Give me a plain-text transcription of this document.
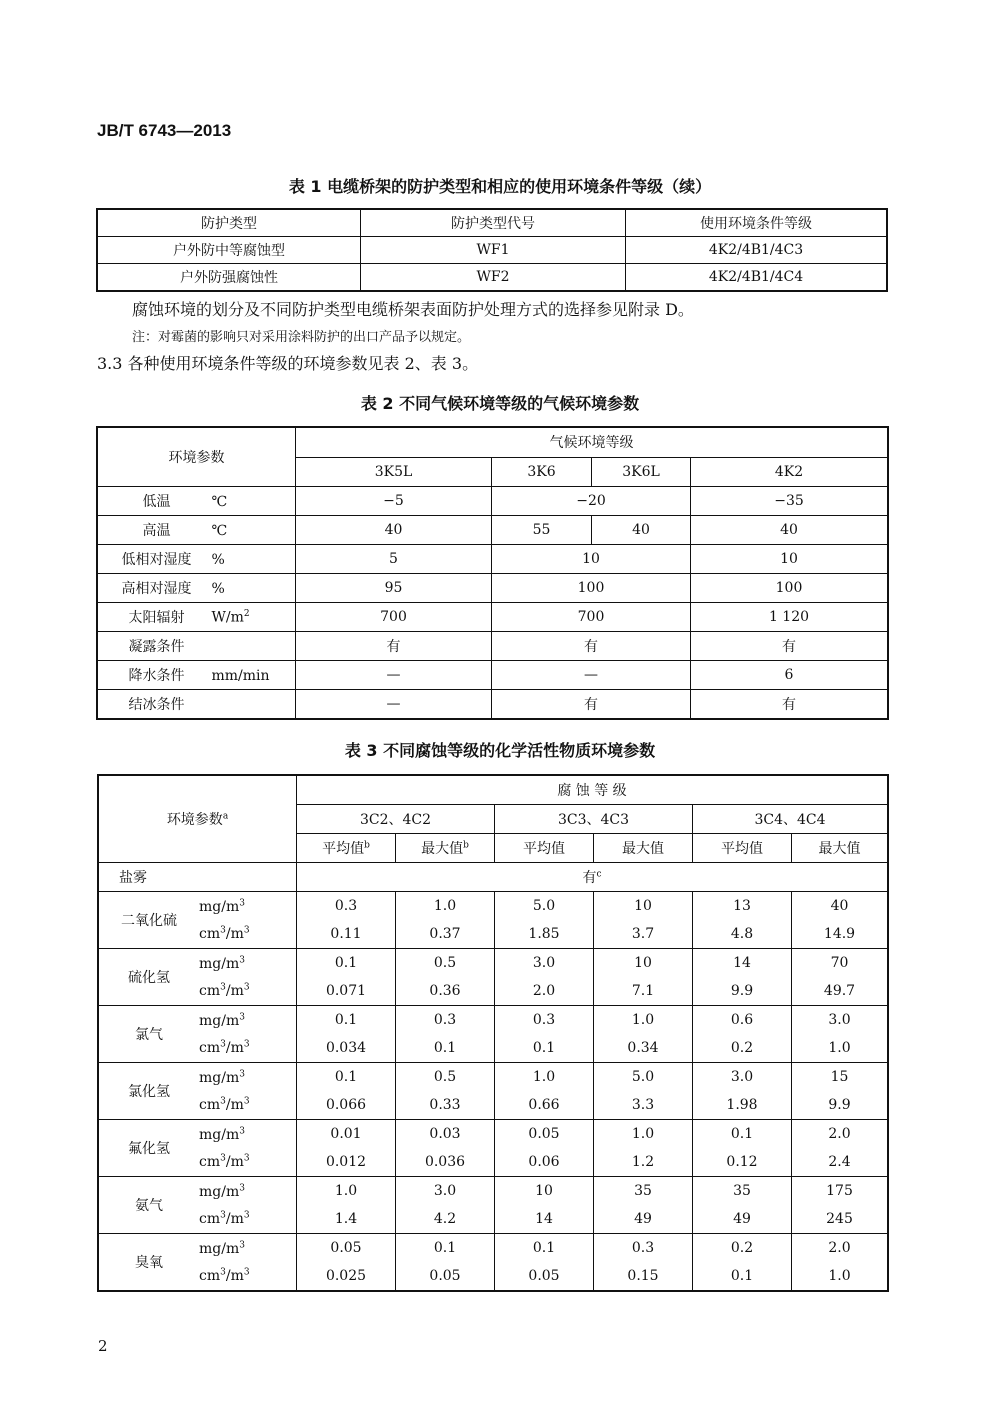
JB/T 6743—2013
表 1 电缆桥架的防护类型和相应的使用环境条件等级（续）
防护类型	防护类型代号	使用环境条件等级
户外防中等腐蚀型	WF1	4K2/4B1/4C3
户外防强腐蚀性	WF2	4K2/4B1/4C4
腐蚀环境的划分及不同防护类型电缆桥架表面防护处理方式的选择参见附录 D。
注：对霉菌的影响只对采用涂料防护的出口产品予以规定。
3.3 各种使用环境条件等级的环境参数见表 2、表 3。
表 2 不同气候环境等级的气候环境参数
环境参数	气候环境等级			
	3K5L	3K6	3K6L	4K2
低温 ℃	−5	−20		−35
高温 ℃	40	55	40	40
低相对湿度 %	5	10		10
高相对湿度 %	95	100		100
太阳辐射 $W/m^2$	700	700		1 120
凝露条件	有	有		有
降水条件 mm/min	—	—		6
结冰条件	—	有		有
表 3 不同腐蚀等级的化学活性物质环境参数
环境参数$^a$	腐 蚀 等 级					
	3C2、4C2		3C3、4C3		3C4、4C4	
	平均值$^b$	最大值$^b$	平均值	最大值	平均值	最大值
盐雾	有$^c$
二氧化硫$mg/m^3$	0.3	1.0	5.0	10	13	40
$cm^3/m^3$	0.11	0.37	1.85	3.7	4.8	14.9
硫化氢$mg/m^3$	0.1	0.5	3.0	10	14	70
$cm^3/m^3$	0.071	0.36	2.0	7.1	9.9	49.7
氯气$mg/m^3$	0.1	0.3	0.3	1.0	0.6	3.0
$cm^3/m^3$	0.034	0.1	0.1	0.34	0.2	1.0
氯化氢$mg/m^3$	0.1	0.5	1.0	5.0	3.0	15
$cm^3/m^3$	0.066	0.33	0.66	3.3	1.98	9.9
氟化氢$mg/m^3$	0.01	0.03	0.05	1.0	0.1	2.0
$cm^3/m^3$	0.012	0.036	0.06	1.2	0.12	2.4
氨气$mg/m^3$	1.0	3.0	10	35	35	175
$cm^3/m^3$	1.4	4.2	14	49	49	245
臭氧$mg/m^3$	0.05	0.1	0.1	0.3	0.2	2.0
$cm^3/m^3$	0.025	0.05	0.05	0.15	0.1	1.0
2
